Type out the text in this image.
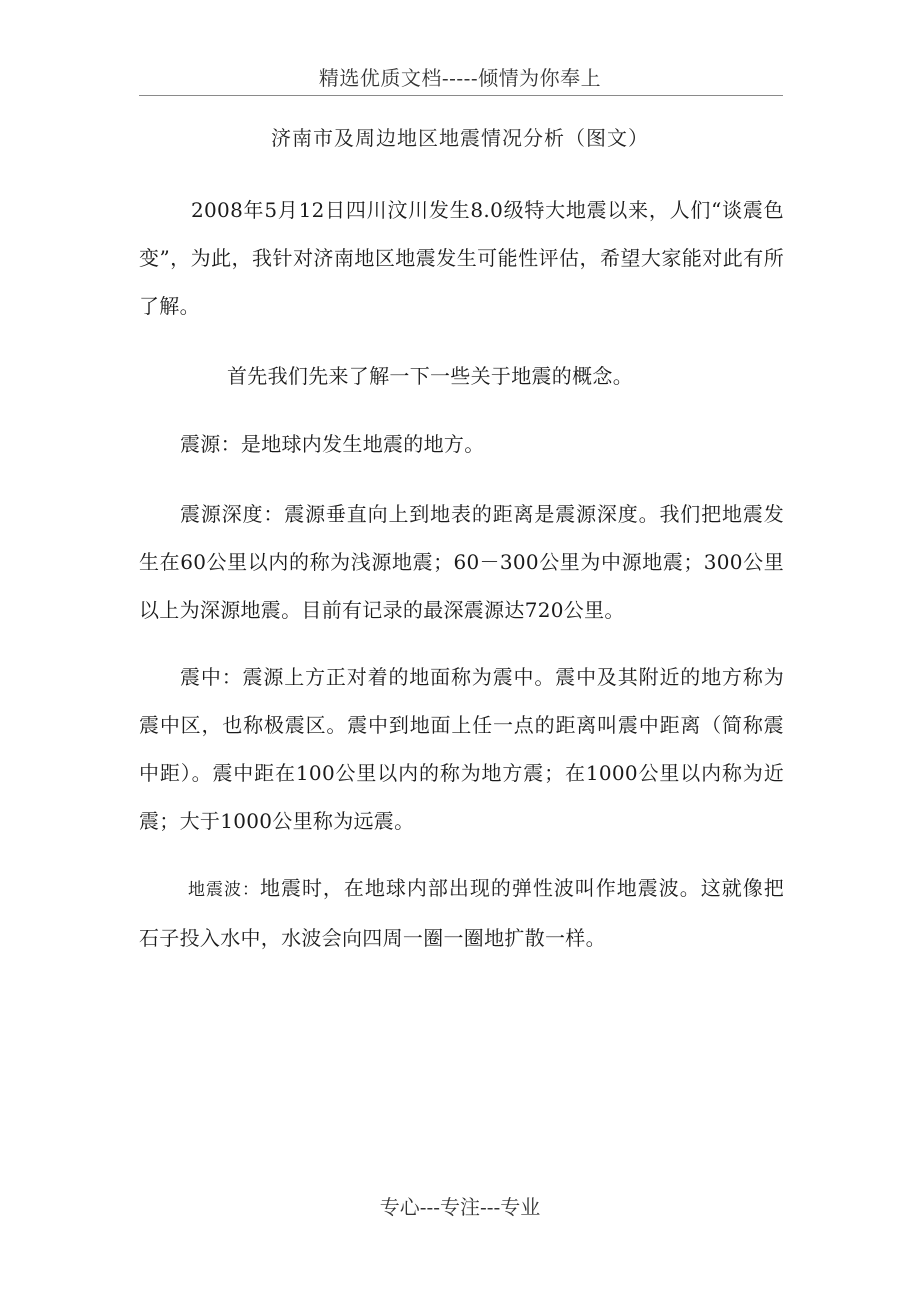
精选优质文档-----倾情为你奉上
济南市及周边地区地震情况分析（图文）
2008年5月12日四川汶川发生8.0级特大地震以来，人们“谈震色变”，为此，我针对济南地区地震发生可能性评估，希望大家能对此有所了解。
首先我们先来了解一下一些关于地震的概念。
震源：是地球内发生地震的地方。
震源深度：震源垂直向上到地表的距离是震源深度。我们把地震发生在60公里以内的称为浅源地震；60－300公里为中源地震；300公里以上为深源地震。目前有记录的最深震源达720公里。
震中：震源上方正对着的地面称为震中。震中及其附近的地方称为震中区，也称极震区。震中到地面上任一点的距离叫震中距离（简称震中距）。震中距在100公里以内的称为地方震；在1000公里以内称为近震；大于1000公里称为远震。
地震波：地震时，在地球内部出现的弹性波叫作地震波。这就像把石子投入水中，水波会向四周一圈一圈地扩散一样。
专心---专注---专业
